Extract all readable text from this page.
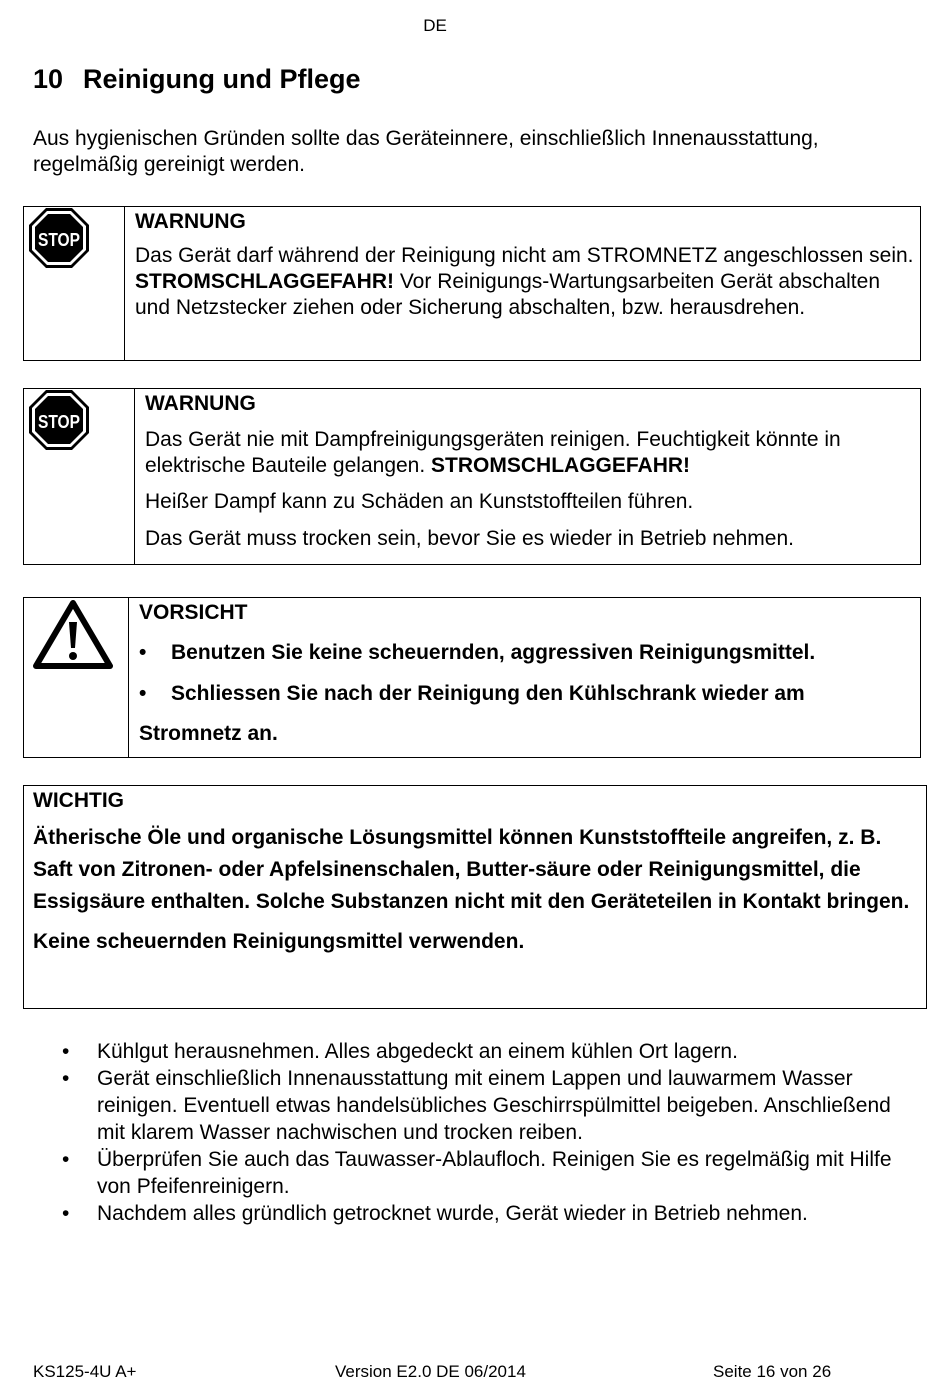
DE
10 Reinigung und Pflege

Aus hygienischen Gründen sollte das Geräteinnere, einschließlich Innenausstattung, regelmäßig gereinigt werden.

STOP
WARNUNG

Das Gerät darf während der Reinigung nicht am STROMNETZ angeschlossen sein. STROMSCHLAGGEFAHR! Vor Reinigungs-Wartungsarbeiten Gerät abschalten und Netzstecker ziehen oder Sicherung abschalten, bzw. herausdrehen.

STOP
WARNUNG

Das Gerät nie mit Dampfreinigungsgeräten reinigen. Feuchtigkeit könnte in elektrische Bauteile gelangen. STROMSCHLAGGEFAHR!

Heißer Dampf kann zu Schäden an Kunststoffteilen führen.

Das Gerät muss trocken sein, bevor Sie es wieder in Betrieb nehmen.

VORSICHT
•	Benutzen Sie keine scheuernden, aggressiven Reinigungsmittel.
•	Schliessen Sie nach der Reinigung den Kühlschrank wieder am
Stromnetz an.
WICHTIG

Ätherische Öle und organische Lösungsmittel können Kunststoffteile angreifen, z. B. Saft von Zitronen- oder Apfelsinenschalen, Butter-säure oder Reinigungsmittel, die Essigsäure enthalten. Solche Substanzen nicht mit den Geräteteilen in Kontakt bringen.

Keine scheuernden Reinigungsmittel verwenden.

•	Kühlgut herausnehmen. Alles abgedeckt an einem kühlen Ort lagern.
•	Gerät einschließlich Innenausstattung mit einem Lappen und lauwarmem Wasser reinigen. Eventuell etwas handelsübliches Geschirrspülmittel beigeben. Anschließend mit klarem Wasser nachwischen und trocken reiben.
•	Überprüfen Sie auch das Tauwasser-Ablaufloch. Reinigen Sie es regelmäßig mit Hilfe von Pfeifenreinigern.
•	Nachdem alles gründlich getrocknet wurde, Gerät wieder in Betrieb nehmen.
KS125-4U A+	Version E2.0 DE 06/2014	Seite 16 von 26
